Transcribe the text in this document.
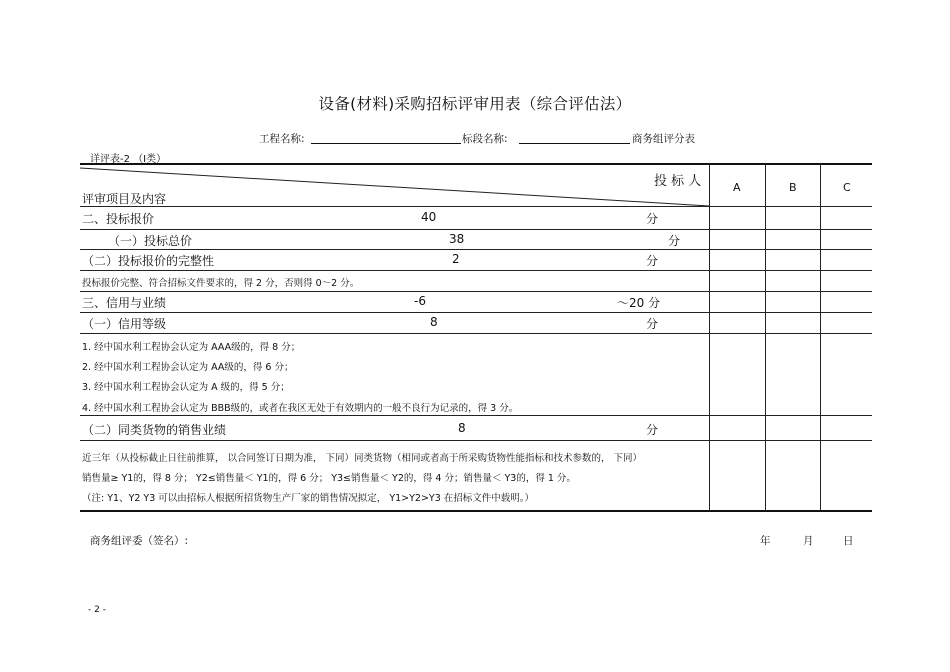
设备(材料)采购招标评审用表（综合评估法）
工程名称:	标段名称:	商务组评分表
详评表-2 （Ⅰ类）
投 标 人
评审项目及内容
A	B	C
二、投标报价	40	分
（一）投标总价	38	分
（二）投标报价的完整性	2	分
投标报价完整、符合招标文件要求的，得 2 分，否则得 0～2 分。
三、信用与业绩	-6	～20 分
（一）信用等级	8	分
1. 经中国水利工程协会认定为 AAA级的，得 8 分；
2. 经中国水利工程协会认定为 AA级的，得 6 分；
3. 经中国水利工程协会认定为 A 级的，得 5 分；
4. 经中国水利工程协会认定为 BBB级的，或者在我区无处于有效期内的一般不良行为记录的，得 3 分。
（二）同类货物的销售业绩	8	分
近三年（从投标截止日往前推算， 以合同签订日期为准， 下同）同类货物（相同或者高于所采购货物性能指标和技术参数的， 下同）
销售量≥ Y1的，得 8 分； Y2≤销售量＜ Y1的，得 6 分； Y3≤销售量＜ Y2的，得 4 分；销售量＜ Y3的，得 1 分。
（注: Y1、Y2 Y3 可以由招标人根据所招货物生产厂家的销售情况拟定， Y1>Y2>Y3 在招标文件中载明。）
商务组评委（签名）:	年	月	日
- 2 -
